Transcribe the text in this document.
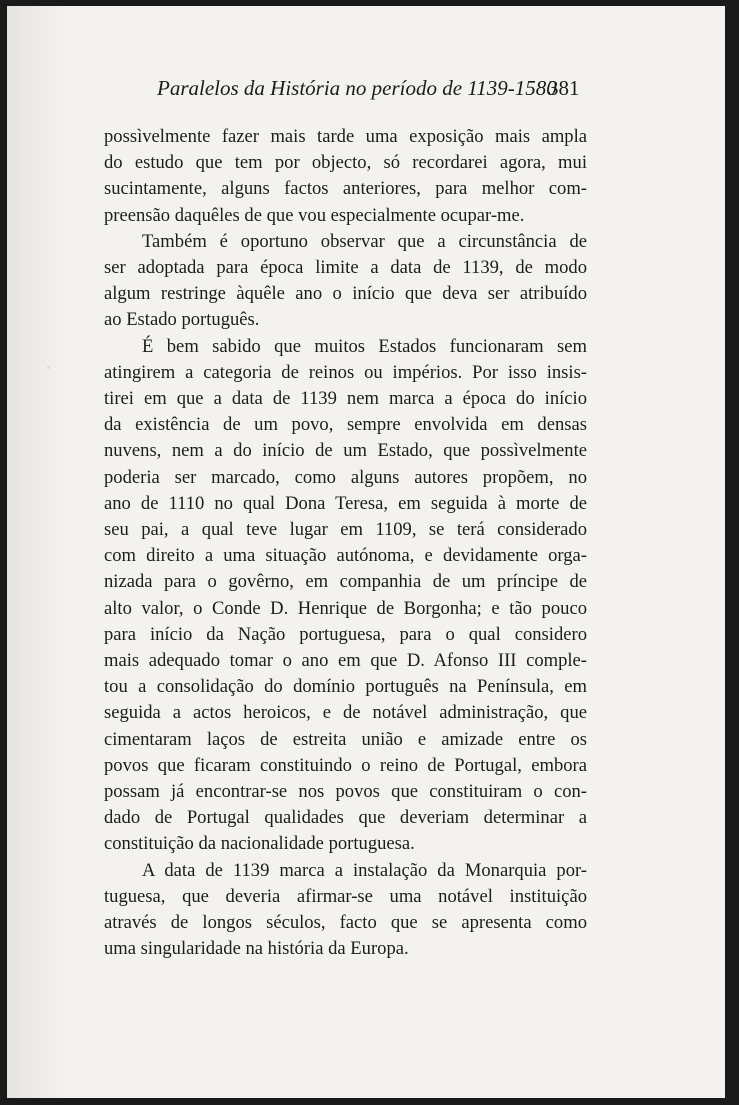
Paralelos da História no período de 1139-1580
381

possìvelmente fazer mais tarde uma exposição mais ampla
do estudo que tem por objecto, só recordarei agora, mui
sucintamente, alguns factos anteriores, para melhor com-
preensão daquêles de que vou especialmente ocupar-me.

Também é oportuno observar que a circunstância de
ser adoptada para época limite a data de 1139, de modo
algum restringe àquêle ano o início que deva ser atribuído
ao Estado português.

É bem sabido que muitos Estados funcionaram sem
atingirem a categoria de reinos ou impérios. Por isso insis-
tirei em que a data de 1139 nem marca a época do início
da existência de um povo, sempre envolvida em densas
nuvens, nem a do início de um Estado, que possìvelmente
poderia ser marcado, como alguns autores propõem, no
ano de 1110 no qual Dona Teresa, em seguida à morte de
seu pai, a qual teve lugar em 1109, se terá considerado
com direito a uma situação autónoma, e devidamente orga-
nizada para o govêrno, em companhia de um príncipe de
alto valor, o Conde D. Henrique de Borgonha; e tão pouco
para início da Nação portuguesa, para o qual considero
mais adequado tomar o ano em que D. Afonso III comple-
tou a consolidação do domínio português na Península, em
seguida a actos heroicos, e de notável administração, que
cimentaram laços de estreita união e amizade entre os
povos que ficaram constituindo o reino de Portugal, embora
possam já encontrar-se nos povos que constituiram o con-
dado de Portugal qualidades que deveriam determinar a
constituição da nacionalidade portuguesa.

A data de 1139 marca a instalação da Monarquia por-
tuguesa, que deveria afirmar-se uma notável instituição
através de longos séculos, facto que se apresenta como
uma singularidade na história da Europa.
